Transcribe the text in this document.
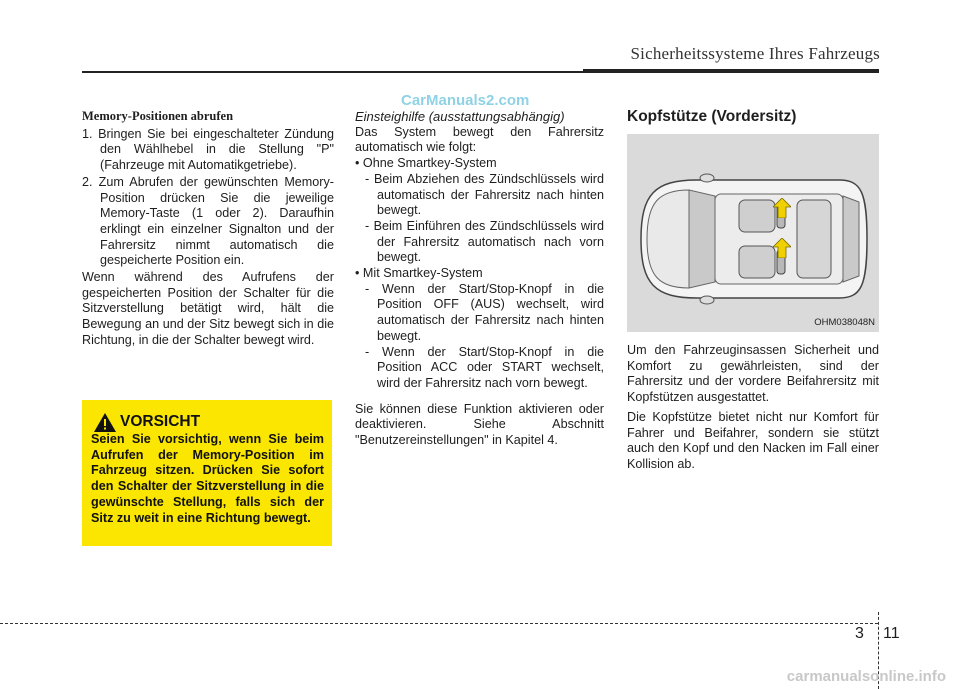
Sicherheitssysteme Ihres Fahrzeugs
CarManuals2.com

Memory-Positionen abrufen

1. Bringen Sie bei eingeschalteter Zündung den Wählhebel in die Stellung "P" (Fahrzeuge mit Automatikgetriebe).

2. Zum Abrufen der gewünschten Memory-Position drücken Sie die jeweilige Memory-Taste (1 oder 2). Daraufhin erklingt ein einzelner Signalton und der Fahrersitz nimmt automatisch die gespeicherte Position ein.

Wenn während des Aufrufens der gespeicherten Position der Schalter für die Sitzverstellung betätigt wird, hält die Bewegung an und der Sitz bewegt sich in die Richtung, in die der Schalter bewegt wird.

VORSICHT
Seien Sie vorsichtig, wenn Sie beim Aufrufen der Memory-Position im Fahrzeug sitzen. Drücken Sie sofort den Schalter der Sitzverstellung in die gewünschte Stellung, falls sich der Sitz zu weit in eine Richtung bewegt.

Einsteighilfe (ausstattungsabhängig)

Das System bewegt den Fahrersitz automatisch wie folgt:

• Ohne Smartkey-System

- Beim Abziehen des Zündschlüssels wird automatisch der Fahrersitz nach hinten bewegt.

- Beim Einführen des Zündschlüssels wird der Fahrersitz automatisch nach vorn bewegt.

• Mit Smartkey-System

- Wenn der Start/Stop-Knopf in die Position OFF (AUS) wechselt, wird automatisch der Fahrersitz nach hinten bewegt.

- Wenn der Start/Stop-Knopf in die Position ACC oder START wechselt, wird der Fahrersitz nach vorn bewegt.

Sie können diese Funktion aktivieren oder deaktivieren. Siehe Abschnitt "Benutzereinstellungen" in Kapitel 4.

Kopfstütze (Vordersitz)

OHM038048N

Um den Fahrzeuginsassen Sicherheit und Komfort zu gewährleisten, sind der Fahrersitz und der vordere Beifahrersitz mit Kopfstützen ausgestattet.

Die Kopfstütze bietet nicht nur Komfort für Fahrer und Beifahrer, sondern sie stützt auch den Kopf und den Nacken im Fall einer Kollision ab.

3 11
carmanualsonline.info
